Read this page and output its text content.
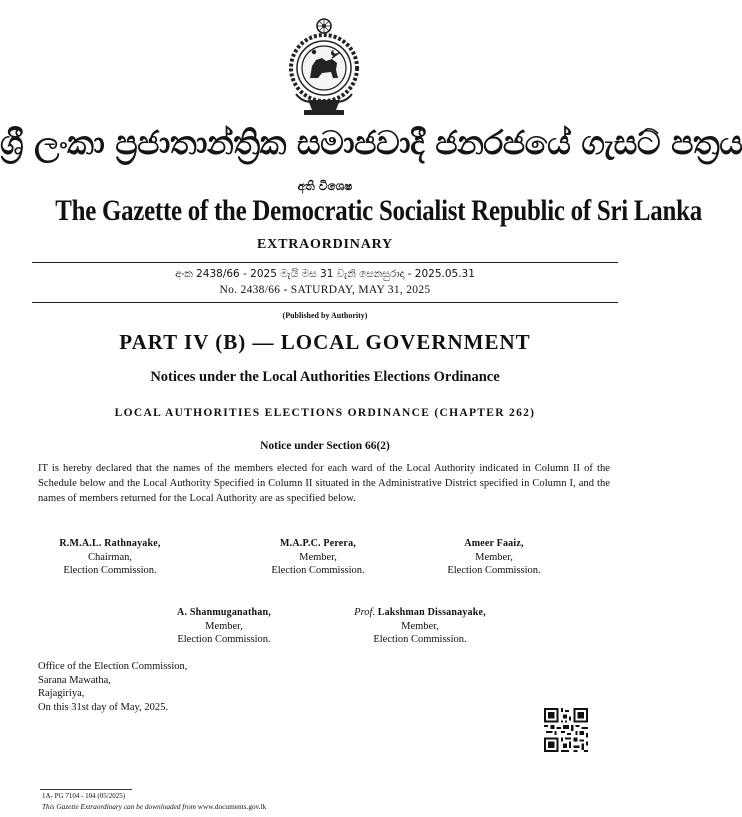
ශ්‍රී ලංකා ප්‍රජාතාන්ත්‍රික සමාජවාදී ජනරජයේ ගැසට් පත්‍රය
අති විශෙෂ
The Gazette of the Democratic Socialist Republic of Sri Lanka
EXTRAORDINARY
අංක 2438/66 - 2025 මැයි මස 31 වැනි සෙනසුරාදා - 2025.05.31
No. 2438/66 - SATURDAY, MAY 31, 2025
(Published by Authority)
PART IV (B) — LOCAL GOVERNMENT
Notices under the Local Authorities Elections Ordinance
LOCAL AUTHORITIES ELECTIONS ORDINANCE (CHAPTER 262)
Notice under Section 66(2)
IT is hereby declared that the names of the members elected for each ward of the Local Authority indicated in Column II of the Schedule below and the Local Authority Specified in Column II situated in the Administrative District specified in Column I, and the names of members returned for the Local Authority are as specified below.
R.M.A.L. Rathnayake,
Chairman,
Election Commission.
M.A.P.C. Perera,
Member,
Election Commission.
Ameer Faaiz,
Member,
Election Commission.
A. Shanmuganathan,
Member,
Election Commission.
Prof. Lakshman Dissanayake,
Member,
Election Commission.
Office of the Election Commission,
Sarana Mawatha,
Rajagiriya,
On this 31st day of May, 2025.
1A- PG 7104 - 104 (05/2025)
This Gazette Extraordinary can be downloaded from www.documents.gov.lk
